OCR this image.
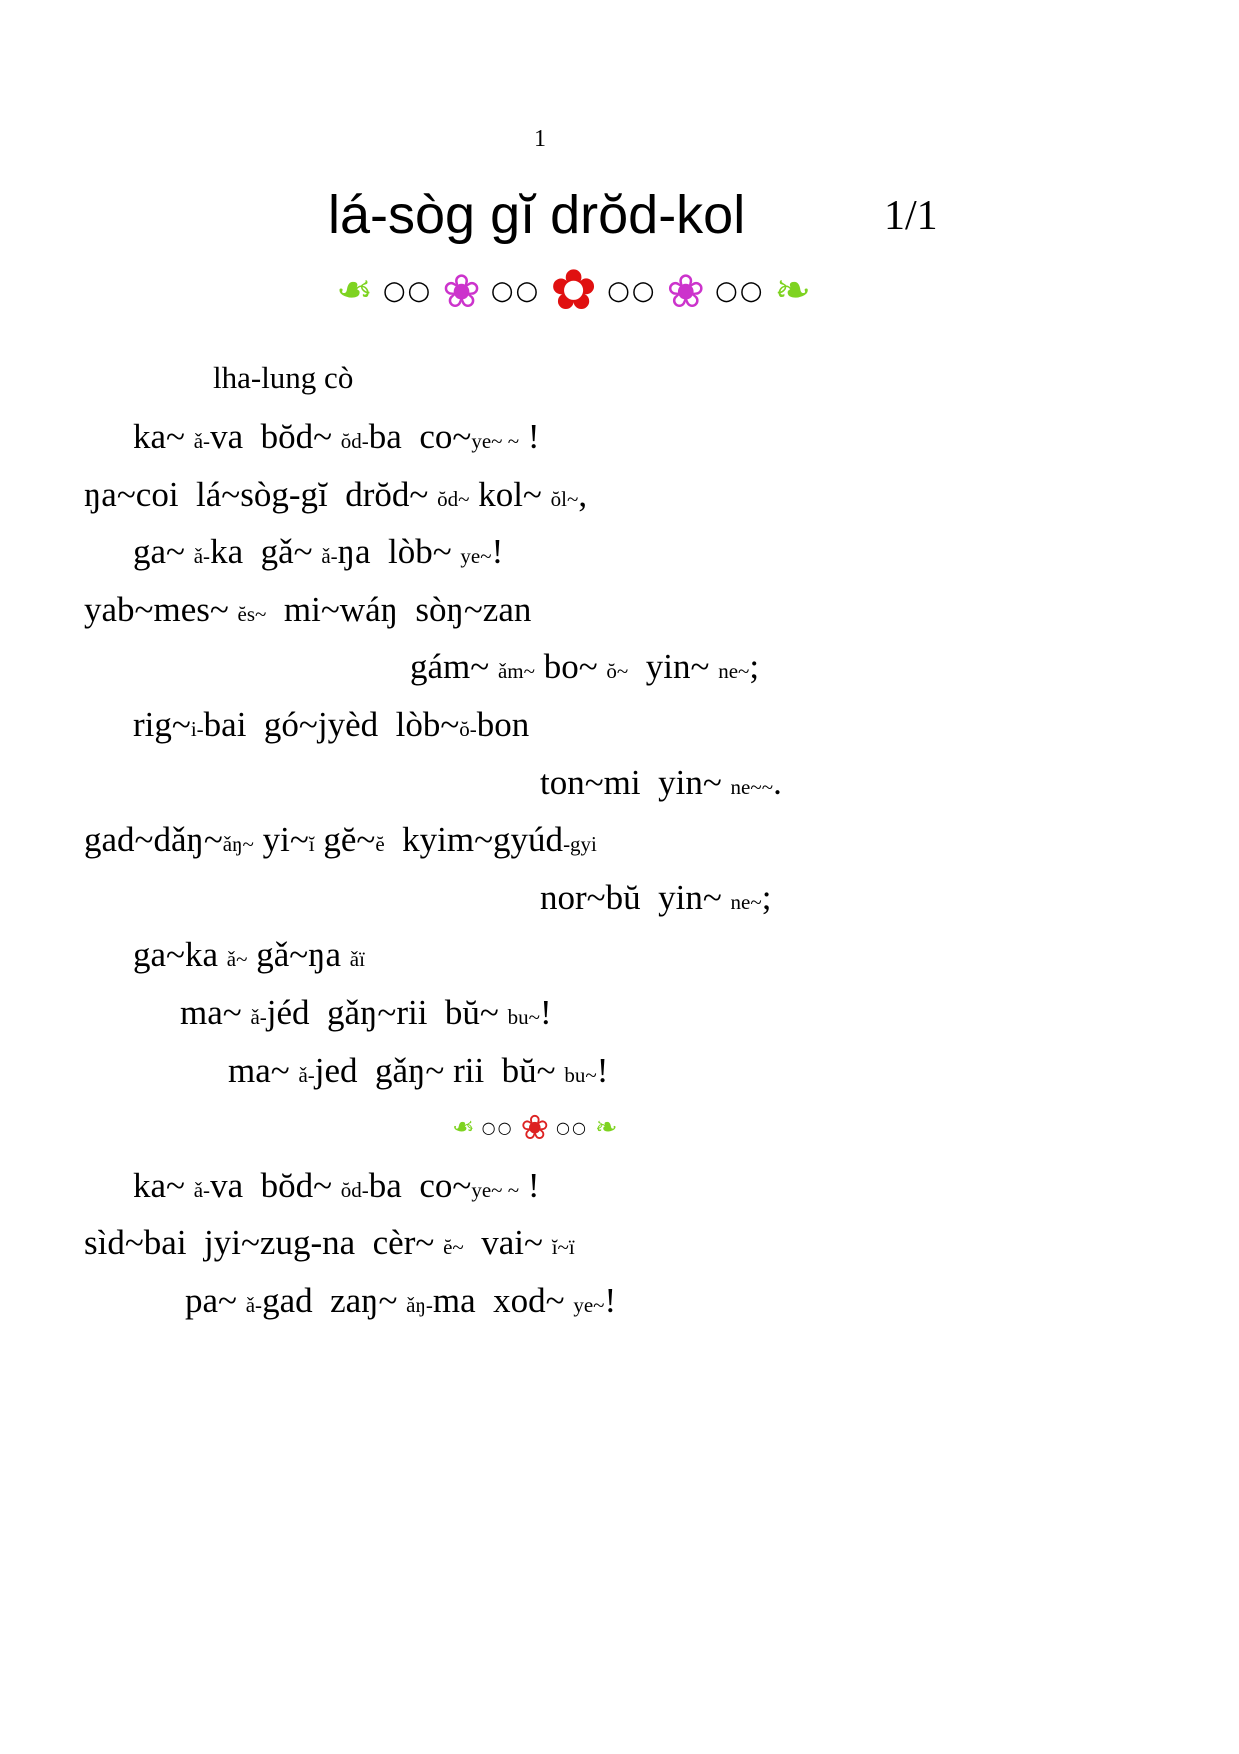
1
lá-sòg gĭ drŏd-kol	1/1
❧ ○○ ❀ ○○ ✿ ○○ ❀ ○○ ❧
lha-lung cò
ka~ ǎ-va  bŏd~ ŏd-ba  co~ye~ ~ !
ŋa~coi  lá~sòg-gĭ  drŏd~ ŏd~ kol~ ŏl~,
ga~ ǎ-ka  gǎ~ ǎ-ŋa  lòb~ ye~!
yab~mes~ ĕs~  mi~wáŋ  sòŋ~zan
gám~ ǎm~ bo~ ŏ~  yin~ ne~;
rig~i-bai  gó~jyèd  lòb~ŏ-bon
ton~mi  yin~ ne~~.
gad~dǎŋ~ǎŋ~ yi~ĭ gĕ~ĕ  kyim~gyúd-gyi
nor~bŭ  yin~ ne~;
ga~ka ǎ~ gǎ~ŋa ǎï
ma~ ǎ-jéd  gǎŋ~rii  bŭ~ bu~!
ma~ ǎ-jed  gǎŋ~ rii  bŭ~ bu~!
❧ ○○ ❀ ○○ ❧
ka~ ǎ-va  bŏd~ ŏd-ba  co~ye~ ~ !
sìd~bai  jyi~zug-na  cèr~ ĕ~  vai~ ĭ~ï
pa~ ǎ-gad  zaŋ~ ǎŋ-ma  xod~ ye~!
